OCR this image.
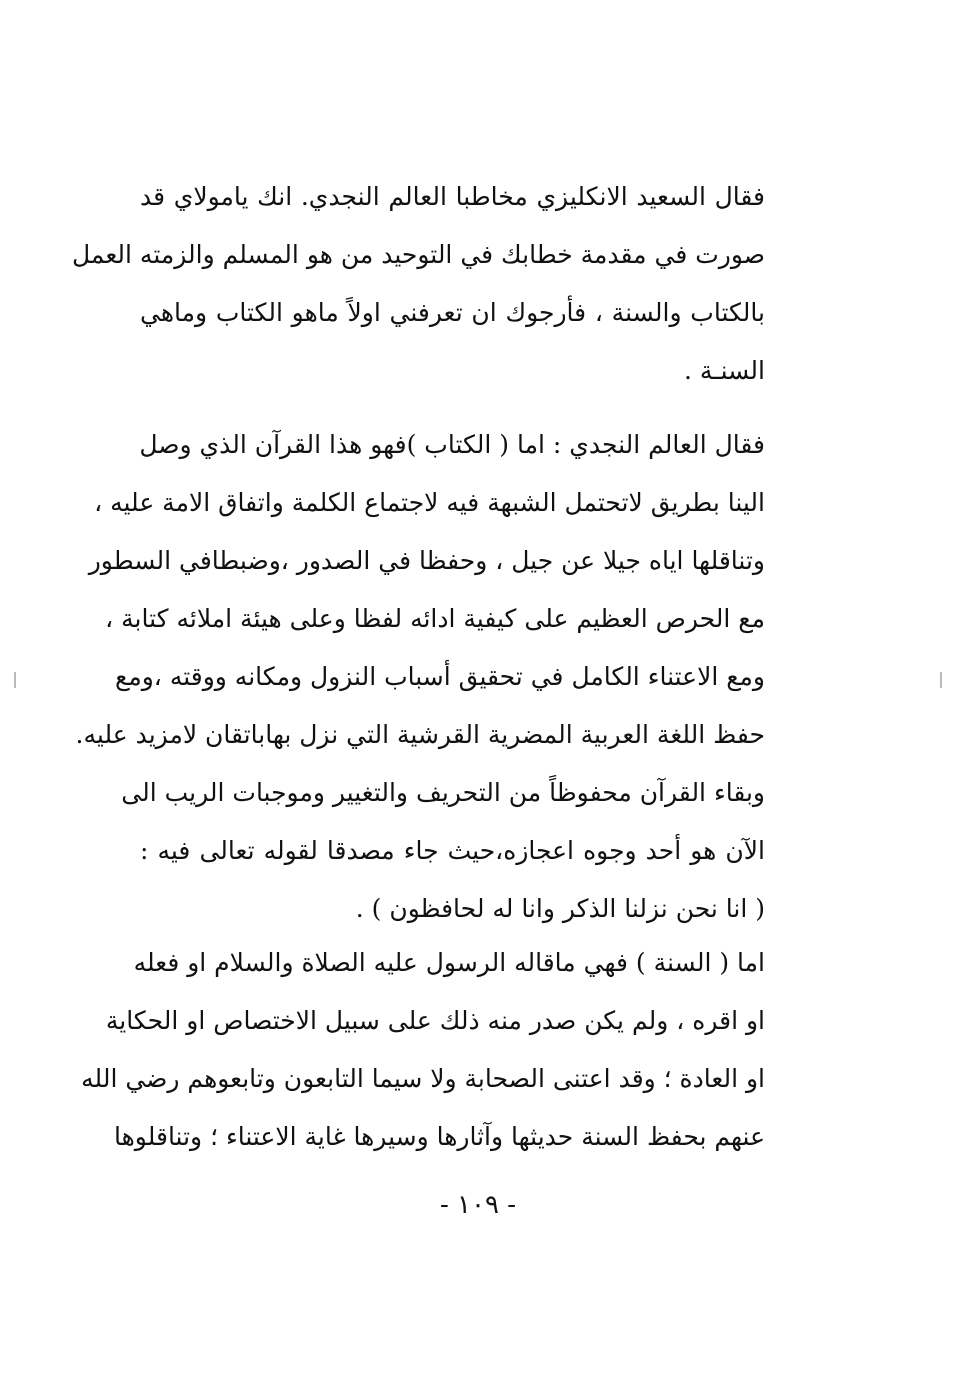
فقال السعيد الانكليزي مخاطبا العالم النجدي. انك يامولاي قد
صورت في مقدمة خطابك في التوحيد من هو المسلم والزمته العمل
بالكتاب والسنة ، فأرجوك ان تعرفني اولاً ماهو الكتاب وماهي
السنـة .
فقال العالم النجدي : اما ( الكتاب )فهو هذا القرآن الذي وصل
الينا بطريق لاتحتمل الشبهة فيه لاجتماع الكلمة واتفاق الامة عليه ،
وتناقلها اياه جيلا عن جيل ، وحفظا في الصدور ،وضبطافي السطور
مع الحرص العظيم على كيفية ادائه لفظا وعلى هيئة املائه كتابة ،
ومع الاعتناء الكامل في تحقيق أسباب النزول ومكانه ووقته ،ومع
حفظ اللغة العربية المضرية القرشية التي نزل بهاباتقان لامزيد عليه.
وبقاء القرآن محفوظاً من التحريف والتغيير وموجبات الريب الى
الآن هو أحد وجوه اعجازه،حيث جاء مصدقا لقوله تعالى فيه :
( انا نحن نزلنا الذكر وانا له لحافظون ) .
اما ( السنة ) فهي ماقاله الرسول عليه الصلاة والسلام او فعله
او اقره ، ولم يكن صدر منه ذلك على سبيل الاختصاص او الحكاية
او العادة ؛ وقد اعتنى الصحابة ولا سيما التابعون وتابعوهم رضي الله
عنهم بحفظ السنة حديثها وآثارها وسيرها غاية الاعتناء ؛ وتناقلوها
- ١٠٩ -
